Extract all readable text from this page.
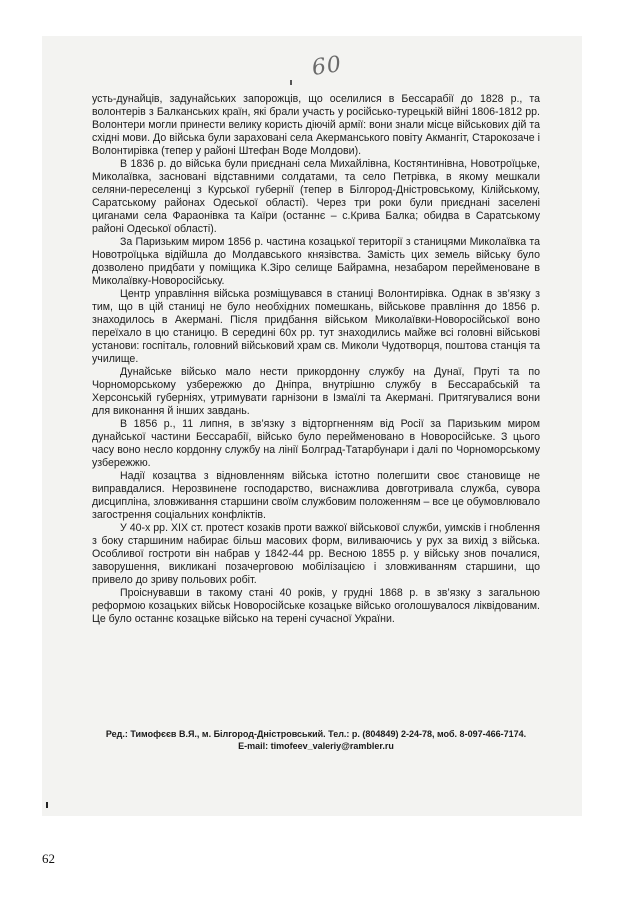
60

усть-дунайців, задунайських запорожців, що оселилися в Бессарабії до 1828 р., та волонтерів з Балканських країн, які брали участь у російсько-турецькій війні 1806-1812 рр. Волонтери могли принести велику користь діючій армії: вони знали місце військових дій та східні мови. До війська були зараховані села Акерманського повіту Акмангіт, Старокозаче і Волонтирівка (тепер у районі Штефан Воде Молдови).

В 1836 р. до війська були приєднані села Михайлівна, Костянтинівна, Новотроїцьке, Миколаївка, засновані відставними солдатами, та село Петрівка, в якому мешкали селяни-переселенці з Курської губернії (тепер в Білгород-Дністровському, Кілійському, Саратському районах Одеської області). Через три роки були приєднані заселені циганами села Фараонівка та Каїри (останнє – с.Крива Балка; обидва в Саратському районі Одеської області).

За Паризьким миром 1856 р. частина козацької території з станицями Миколаївка та Новотроїцька відійшла до Молдавського князівства. Замість цих земель війську було дозволено придбати у поміщика К.Зіро селище Байрамна, незабаром перейменоване в Миколаївку-Новоросійську.

Центр управління війська розміщувався в станиці Волонтирівка. Однак в зв’язку з тим, що в цій станиці не було необхідних помешкань, військове правління до 1856 р. знаходилось в Акермані. Після придбання військом Миколаївки-Новоросійської воно переїхало в цю станицю. В середині 60х рр. тут знаходились майже всі головні військові установи: госпіталь, головний військовий храм св. Миколи Чудотворця, поштова станція та училище.

Дунайське військо мало нести прикордонну службу на Дунаї, Пруті та по Чорноморському узбережжю до Дніпра, внутрішню службу в Бессарабській та Херсонській губерніях, утримувати гарнізони в Ізмаїлі та Акермані. Притягувалися вони для виконання й інших завдань.

В 1856 р., 11 липня, в зв’язку з відторгненням від Росії за Паризьким миром дунайської частини Бессарабії, військо було перейменовано в Новоросійське. З цього часу воно несло кордонну службу на лінії Болград-Татарбунари і далі по Чорноморському узбережжю.

Надії козацтва з відновленням війська істотно полегшити своє становище не виправдалися. Нерозвинене господарство, виснажлива довготривала служба, сувора дисципліна, зловживання старшини своїм службовим положенням – все це обумовлювало загострення соціальних конфліктів.

У 40-х рр. XIX ст. протест козаків проти важкої військової служби, уимсків і гноблення з боку старшиним набирає більш масових форм, виливаючись у рух за вихід з війська. Особливої гостроти він набрав у 1842-44 рр. Весною 1855 р. у війську знов почалися, заворушення, викликані позачерговою мобілізацією і зловживанням старшини, що привело до зриву польових робіт.

Проіснувавши в такому стані 40 років, у грудні 1868 р. в зв’язку з загальною реформою козацьких військ Новоросійське козацьке військо оголошувалося ліквідованим. Це було останнє козацьке військо на терені сучасної України.

Ред.: Тимофєєв В.Я., м. Білгород-Дністровський. Тел.: р. (804849) 2-24-78, моб. 8-097-466-7174.
E-mail: timofeev_valeriy@rambler.ru
62
